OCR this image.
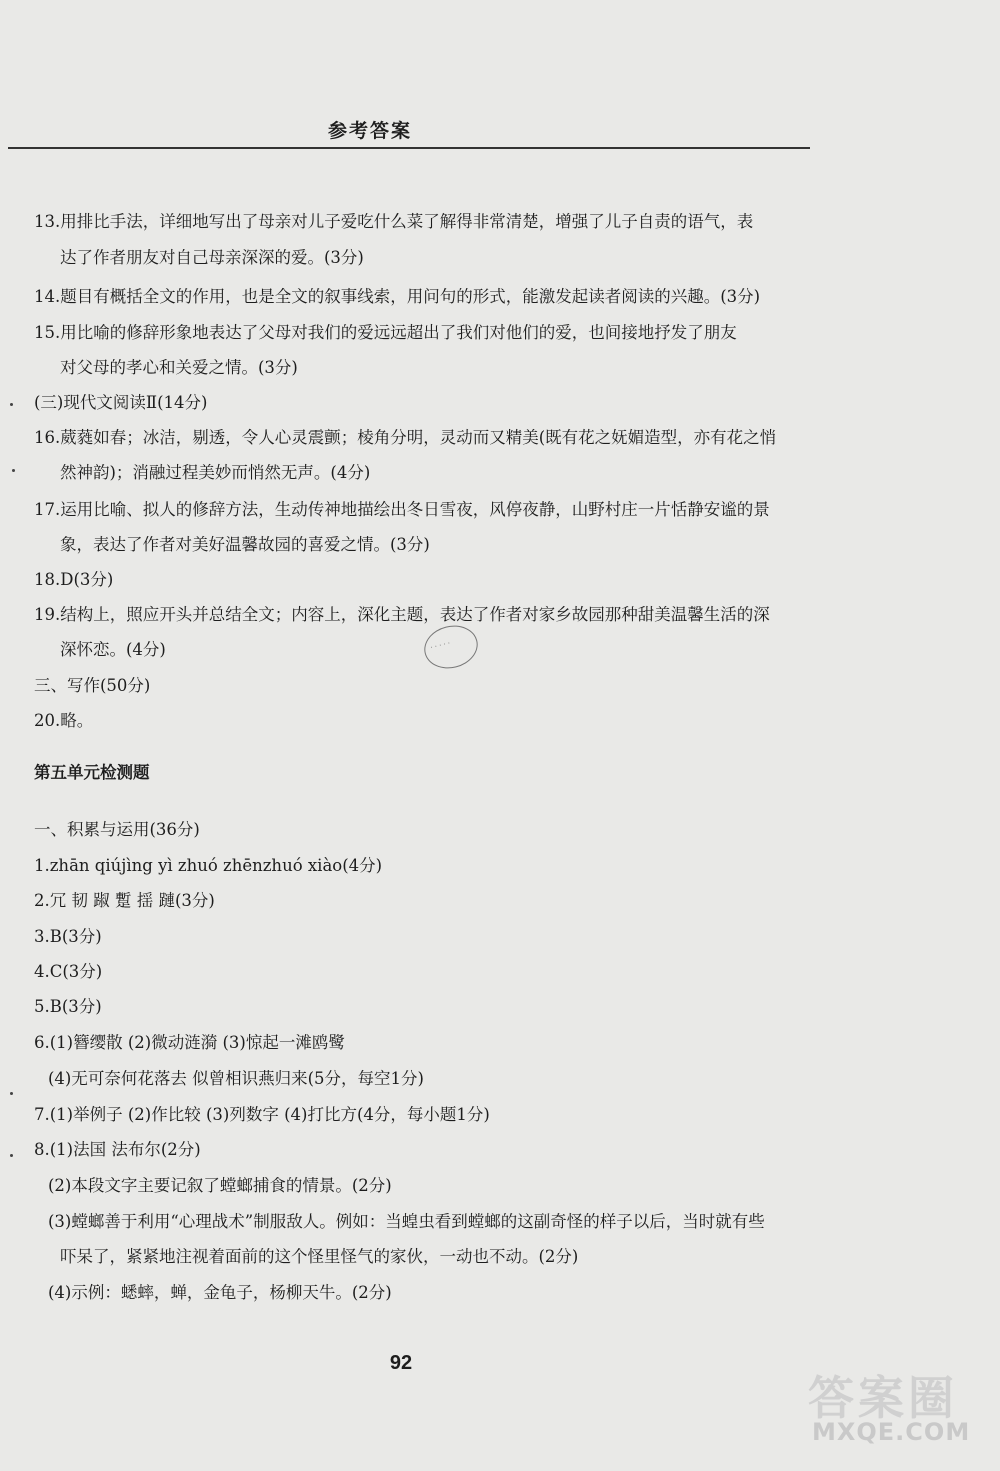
参考答案
13.用排比手法，详细地写出了母亲对儿子爱吃什么菜了解得非常清楚，增强了儿子自责的语气，表
达了作者朋友对自己母亲深深的爱。(3分)
14.题目有概括全文的作用，也是全文的叙事线索，用问句的形式，能激发起读者阅读的兴趣。(3分)
15.用比喻的修辞形象地表达了父母对我们的爱远远超出了我们对他们的爱，也间接地抒发了朋友
对父母的孝心和关爱之情。(3分)
(三)现代文阅读Ⅱ(14分)
16.葳蕤如春；冰洁，剔透，令人心灵震颤；棱角分明，灵动而又精美(既有花之妩媚造型，亦有花之悄
然神韵)；消融过程美妙而悄然无声。(4分)
17.运用比喻、拟人的修辞方法，生动传神地描绘出冬日雪夜，风停夜静，山野村庄一片恬静安谧的景
象，表达了作者对美好温馨故园的喜爱之情。(3分)
18.D(3分)
19.结构上，照应开头并总结全文；内容上，深化主题，表达了作者对家乡故园那种甜美温馨生活的深
深怀恋。(4分)
三、写作(50分)
20.略。
第五单元检测题
一、积累与运用(36分)
1.zhān qiújìng yì zhuó zhēnzhuó xiào(4分)
2.冗 韧 踧 蹔 揺 蹥(3分)
3.B(3分)
4.C(3分)
5.B(3分)
6.(1)簪缨散 (2)微动涟漪 (3)惊起一滩鸥鹭
(4)无可奈何花落去 似曾相识燕归来(5分，每空1分)
7.(1)举例子 (2)作比较 (3)列数字 (4)打比方(4分，每小题1分)
8.(1)法国 法布尔(2分)
(2)本段文字主要记叙了螳螂捕食的情景。(2分)
(3)螳螂善于利用“心理战术”制服敌人。例如：当蝗虫看到螳螂的这副奇怪的样子以后，当时就有些
吓呆了，紧紧地注视着面前的这个怪里怪气的家伙，一动也不动。(2分)
(4)示例：蟋蟀，蝉，金龟子，杨柳天牛。(2分)
92
· · · · ·
答案圈
MXQE.COM
